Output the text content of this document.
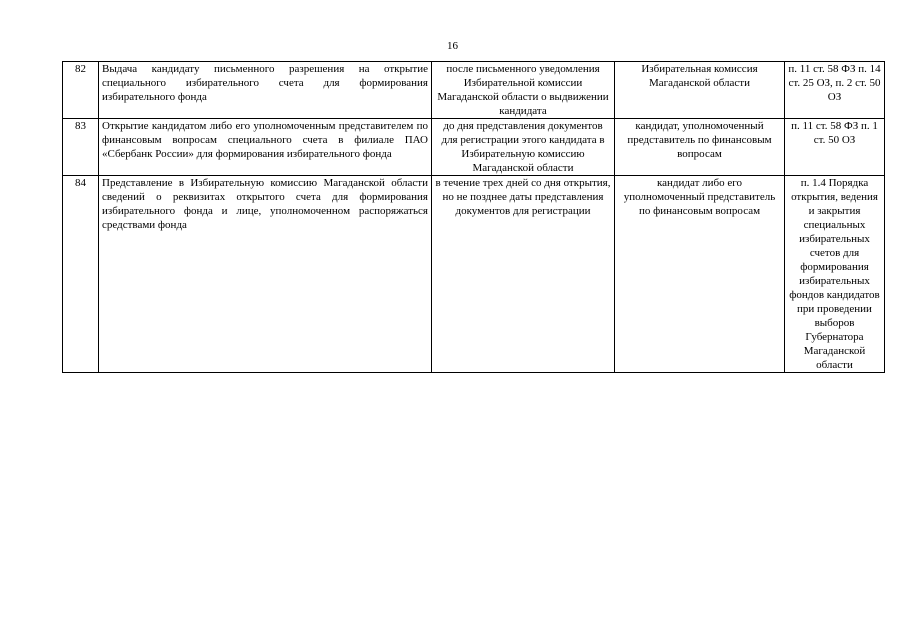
16
82	Выдача кандидату письменного разрешения на открытие специального избирательного счета для формирования избирательного фонда	после письменного уведомления Избирательной комиссии Магаданской области о выдвижении кандидата	Избирательная комиссия Магаданской области	п. 11 ст. 58 ФЗ п. 14 ст. 25 ОЗ, п. 2 ст. 50 ОЗ
83	Открытие кандидатом либо его уполномоченным представителем по финансовым вопросам специального счета в филиале ПАО «Сбербанк России» для формирования избирательного фонда	до дня представления документов для регистрации этого кандидата в Избирательную комиссию Магаданской области	кандидат, уполномоченный представитель по финансовым вопросам	п. 11 ст. 58 ФЗ п. 1 ст. 50 ОЗ
84	Представление в Избирательную комиссию Магаданской области сведений о реквизитах открытого счета для формирования избирательного фонда и лице, уполномоченном распоряжаться средствами фонда	в течение трех дней со дня открытия, но не позднее даты представления документов для регистрации	кандидат либо его уполномоченный представитель по финансовым вопросам	п. 1.4 Порядка открытия, ведения и закрытия специальных избирательных счетов для формирования избирательных фондов кандидатов при проведении выборов Губернатора Магаданской области
